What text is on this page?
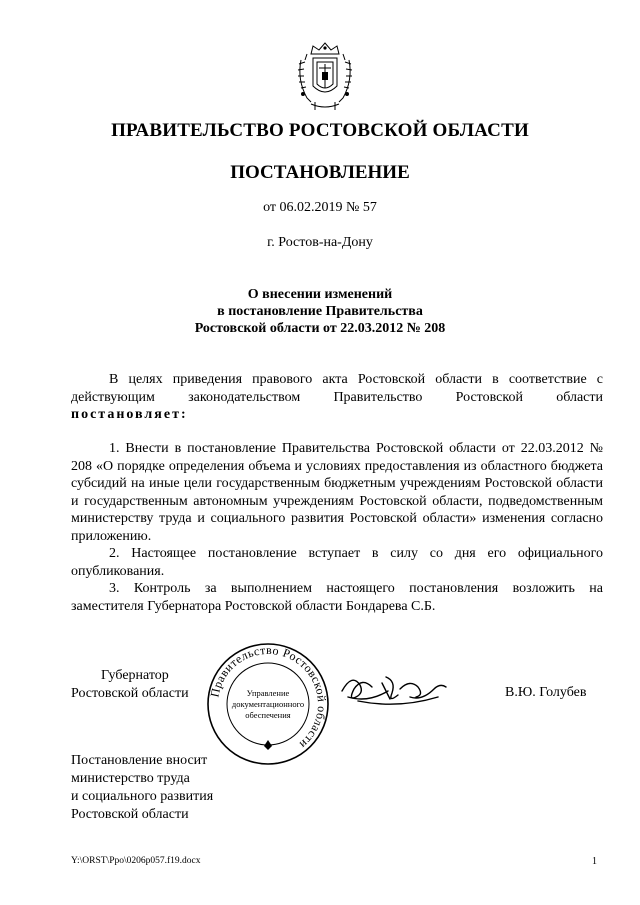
ПРАВИТЕЛЬСТВО РОСТОВСКОЙ ОБЛАСТИ
ПОСТАНОВЛЕНИЕ
от 06.02.2019 № 57
г. Ростов-на-Дону
О внесении изменений
в постановление Правительства
Ростовской области от 22.03.2012 № 208

В целях приведения правового акта Ростовской области в соответствие с действующим законодательством Правительство Ростовской области постановляет:

1. Внести в постановление Правительства Ростовской области от 22.03.2012 № 208 «О порядке определения объема и условиях предоставления из областного бюджета субсидий на иные цели государственным бюджетным учреждениям Ростовской области и государственным автономным учреждениям Ростовской области, подведомственным министерству труда и социального развития Ростовской области» изменения согласно приложению.

2. Настоящее постановление вступает в силу со дня его официального опубликования.

3. Контроль за выполнением настоящего постановления возложить на заместителя Губернатора Ростовской области Бондарева С.Б.

Губернатор
Ростовской области Правительство Ростовской области
Управление
документационного
обеспечения
В.Ю. Голубев
Постановление вносит
министерство труда
и социального развития
Ростовской области
Y:\ORST\Ppo\0206p057.f19.docx	1
